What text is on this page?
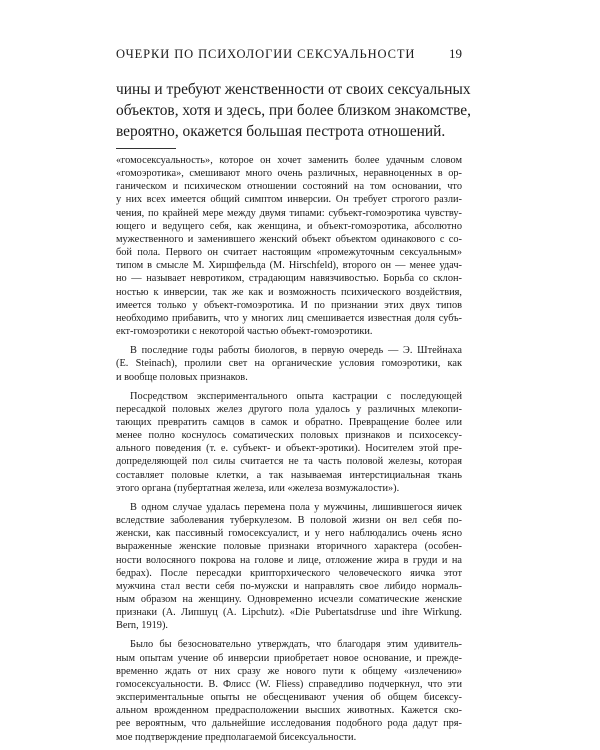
ОЧЕРКИ ПО ПСИХОЛОГИИ СЕКСУАЛЬНОСТИ	19
чины и требуют женственности от своих сексуальных
объектов, хотя и здесь, при более близком знакомстве,
вероятно, окажется большая пестрота отношений.
«гомосексуальность», которое он хочет заменить более удачным словом
«гомоэротика», смешивают много очень различных, неравноценных в ор-
ганическом и психическом отношении состояний на том основании, что
у них всех имеется общий симптом инверсии. Он требует строгого разли-
чения, по крайней мере между двумя типами: субъект-гомоэротика чувству-
ющего и ведущего себя, как женщина, и объект-гомоэротика, абсолютно
мужественного и заменившего женский объект объектом одинакового с со-
бой пола. Первого он считает настоящим «промежуточным сексуальным»
типом в смысле М. Хиршфельда (M. Hirschfeld), второго он — менее удач-
но — называет невротиком, страдающим навязчивостью. Борьба со склон-
ностью к инверсии, так же как и возможность психического воздействия,
имеется только у объект-гомоэротика. И по признании этих двух типов
необходимо прибавить, что у многих лиц смешивается известная доля субъ-
ект-гомоэротики с некоторой частью объект-гомоэротики.
В последние годы работы биологов, в первую очередь — Э. Штейнаха
(E. Steinach), пролили свет на органические условия гомоэротики, как
и вообще половых признаков.
Посредством экспериментального опыта кастрации с последующей
пересадкой половых желез другого пола удалось у различных млекопи-
тающих превратить самцов в самок и обратно. Превращение более или
менее полно коснулось соматических половых признаков и психосексу-
ального поведения (т. е. субъект- и объект-эротики). Носителем этой пре-
допределяющей пол силы считается не та часть половой железы, которая
составляет половые клетки, а так называемая интерстициальная ткань
этого органа (пубертатная железа, или «железа возмужалости»).
В одном случае удалась перемена пола у мужчины, лишившегося яичек
вследствие заболевания туберкулезом. В половой жизни он вел себя по-
женски, как пассивный гомосексуалист, и у него наблюдались очень ясно
выраженные женские половые признаки вторичного характера (особен-
ности волосяного покрова на голове и лице, отложение жира в груди и на
бедрах). После пересадки крипторхического человеческого яичка этот
мужчина стал вести себя по-мужски и направлять свое либидо нормаль-
ным образом на женщину. Одновременно исчезли соматические женские
признаки (А. Липшуц (A. Lipchutz). «Die Pubertatsdruse und ihre Wirkung.
Bern, 1919).
Было бы безосновательно утверждать, что благодаря этим удивитель-
ным опытам учение об инверсии приобретает новое основание, и прежде-
временно ждать от них сразу же нового пути к общему «излечению»
гомосексуальности. В. Флисс (W. Fliess) справедливо подчеркнул, что эти
экспериментальные опыты не обесценивают учения об общем бисексу-
альном врожденном предрасположении высших животных. Кажется ско-
рее вероятным, что дальнейшие исследования подобного рода дадут пря-
мое подтверждение предполагаемой бисексуальности.
